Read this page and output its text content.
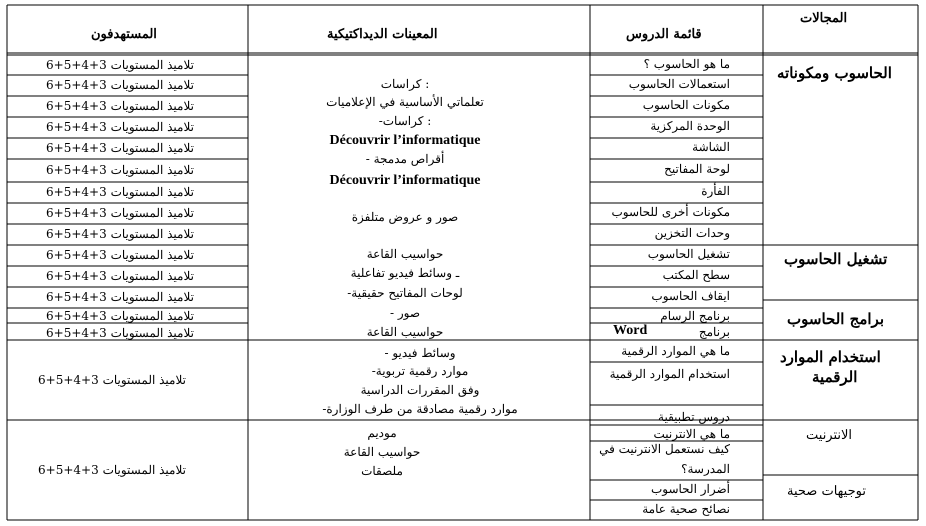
المجالات
قائمة الدروس
المعينات الديداكتيكية
المستهدفون
الحاسوب ومكوناته
تشغيل الحاسوب
برامج الحاسوب
استخدام الموارد
الرقمية
الانترنيت
توجيهات صحية
ما هو الحاسوب ؟
استعمالات الحاسوب
مكونات الحاسوب
الوحدة المركزية
الشاشة
لوحة المفاتيح
الفأرة
مكونات أخرى للحاسوب
وحدات التخزين
تشغيل الحاسوب
سطح المكتب
ايقاف الحاسوب
برنامج الرسام
برنامج
ما هي الموارد الرقمية
استخدام الموارد الرقمية
دروس تطبيقية
ما هي الانترنيت
كيف نستعمل الانترنيت في
المدرسة؟
أضرار الحاسوب
نصائح صحية عامة
Word
كراسات :
تعلماتي الأساسية في الإعلاميات
-كراسات :
Découvrir l’informatique
- أقراص مدمجة
Découvrir l’informatique
صور و عروض متلفزة
حواسيب القاعة
ـ وسائط فيديو تفاعلية
-لوحات المفاتيح حقيقية
- صور
حواسيب القاعة
- وسائط فيديو
-موارد رقمية تربوية
وفق المقررات الدراسية
-موارد رقمية مصادقة من طرف الوزارة
موديم
حواسيب القاعة
ملصقات
تلاميذ المستويات 3+4+5+6
تلاميذ المستويات 3+4+5+6
تلاميذ المستويات 3+4+5+6
تلاميذ المستويات 3+4+5+6
تلاميذ المستويات 3+4+5+6
تلاميذ المستويات 3+4+5+6
تلاميذ المستويات 3+4+5+6
تلاميذ المستويات 3+4+5+6
تلاميذ المستويات 3+4+5+6
تلاميذ المستويات 3+4+5+6
تلاميذ المستويات 3+4+5+6
تلاميذ المستويات 3+4+5+6
تلاميذ المستويات 3+4+5+6
تلاميذ المستويات 3+4+5+6
تلاميذ المستويات 3+4+5+6
تلاميذ المستويات 3+4+5+6
